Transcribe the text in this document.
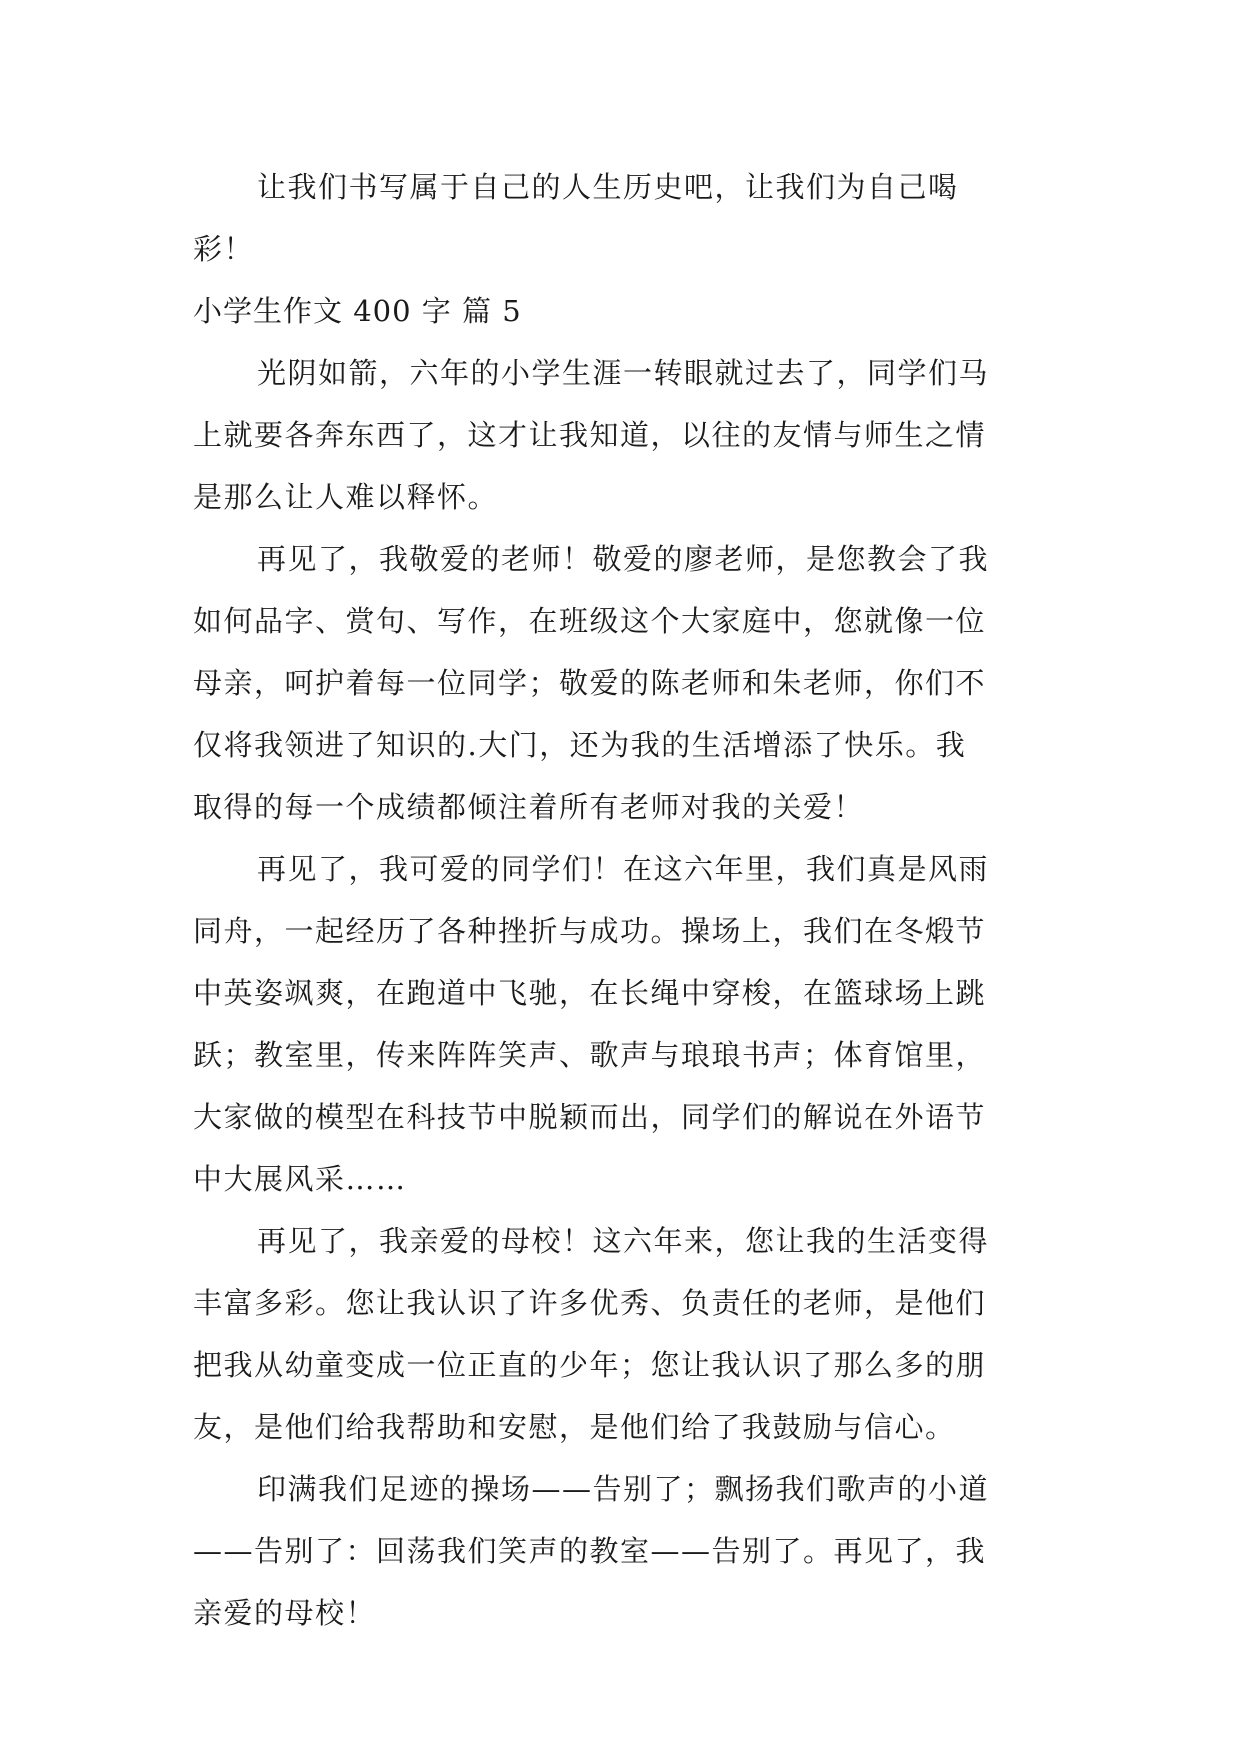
让我们书写属于自己的人生历史吧，让我们为自己喝
彩！
小学生作文 400 字 篇 5
光阴如箭，六年的小学生涯一转眼就过去了，同学们马
上就要各奔东西了，这才让我知道，以往的友情与师生之情
是那么让人难以释怀。
再见了，我敬爱的老师！敬爱的廖老师，是您教会了我
如何品字、赏句、写作，在班级这个大家庭中，您就像一位
母亲，呵护着每一位同学；敬爱的陈老师和朱老师，你们不
仅将我领进了知识的.大门，还为我的生活增添了快乐。我
取得的每一个成绩都倾注着所有老师对我的关爱！
再见了，我可爱的同学们！在这六年里，我们真是风雨
同舟，一起经历了各种挫折与成功。操场上，我们在冬煅节
中英姿飒爽，在跑道中飞驰，在长绳中穿梭，在篮球场上跳
跃；教室里，传来阵阵笑声、歌声与琅琅书声；体育馆里，
大家做的模型在科技节中脱颖而出，同学们的解说在外语节
中大展风采……
再见了，我亲爱的母校！这六年来，您让我的生活变得
丰富多彩。您让我认识了许多优秀、负责任的老师，是他们
把我从幼童变成一位正直的少年；您让我认识了那么多的朋
友，是他们给我帮助和安慰，是他们给了我鼓励与信心。
印满我们足迹的操场——告别了；飘扬我们歌声的小道
——告别了：回荡我们笑声的教室——告别了。再见了，我
亲爱的母校！
